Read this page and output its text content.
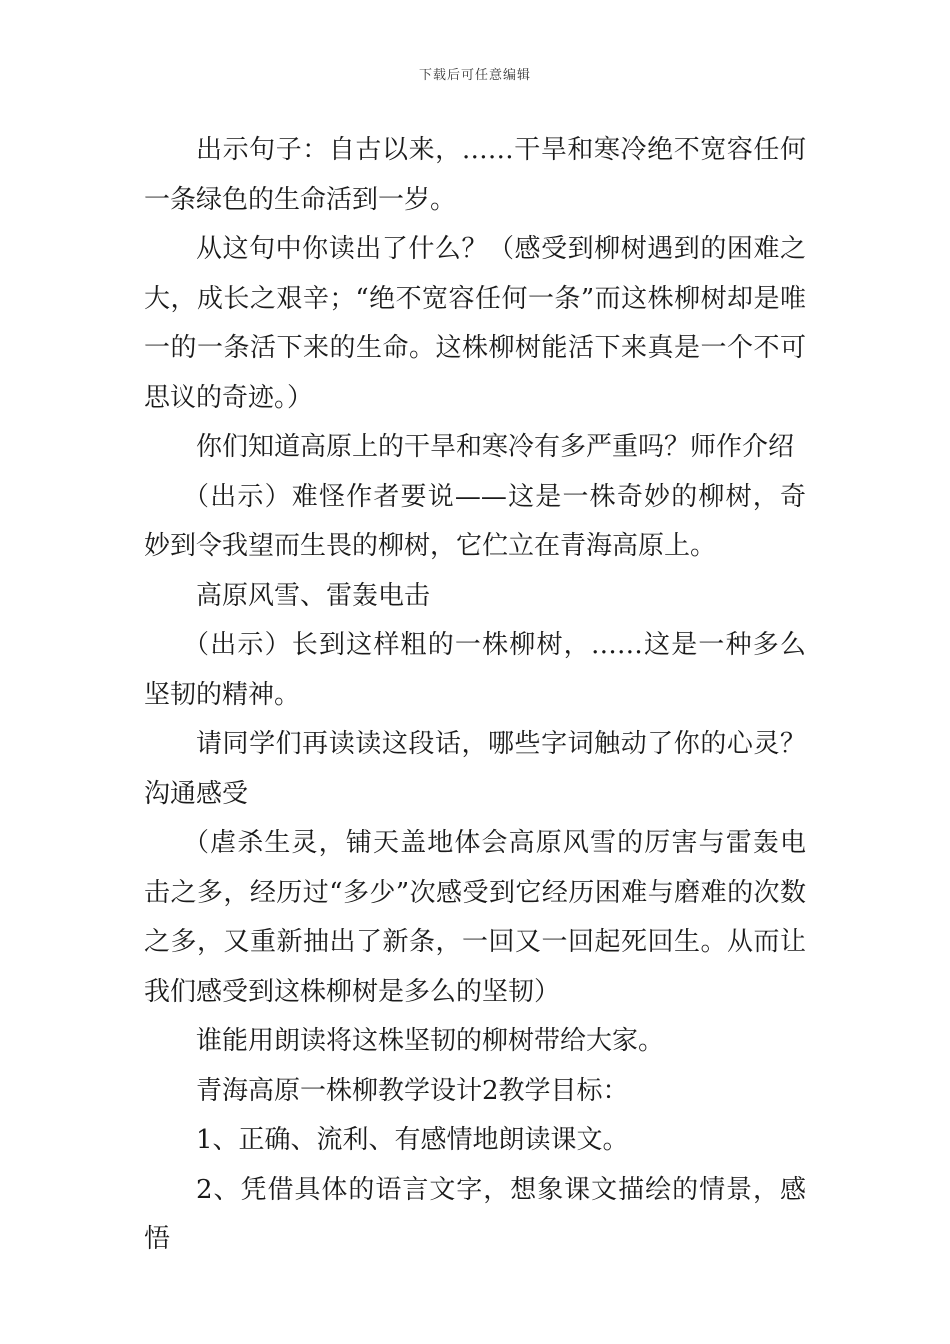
下载后可任意编辑

出示句子：自古以来，……干旱和寒冷绝不宽容任何一条绿色的生命活到一岁。

从这句中你读出了什么？（感受到柳树遇到的困难之大，成长之艰辛；“绝不宽容任何一条”而这株柳树却是唯一的一条活下来的生命。这株柳树能活下来真是一个不可思议的奇迹。）

你们知道高原上的干旱和寒冷有多严重吗？师作介绍

（出示）难怪作者要说——这是一株奇妙的柳树，奇妙到令我望而生畏的柳树，它伫立在青海高原上。

高原风雪、雷轰电击

（出示）长到这样粗的一株柳树，……这是一种多么坚韧的精神。

请同学们再读读这段话，哪些字词触动了你的心灵？沟通感受

（虐杀生灵，铺天盖地体会高原风雪的厉害与雷轰电击之多，经历过“多少”次感受到它经历困难与磨难的次数之多，又重新抽出了新条，一回又一回起死回生。从而让我们感受到这株柳树是多么的坚韧）

谁能用朗读将这株坚韧的柳树带给大家。

青海高原一株柳教学设计2教学目标：

1、正确、流利、有感情地朗读课文。

2、凭借具体的语言文字，想象课文描绘的情景，感悟
